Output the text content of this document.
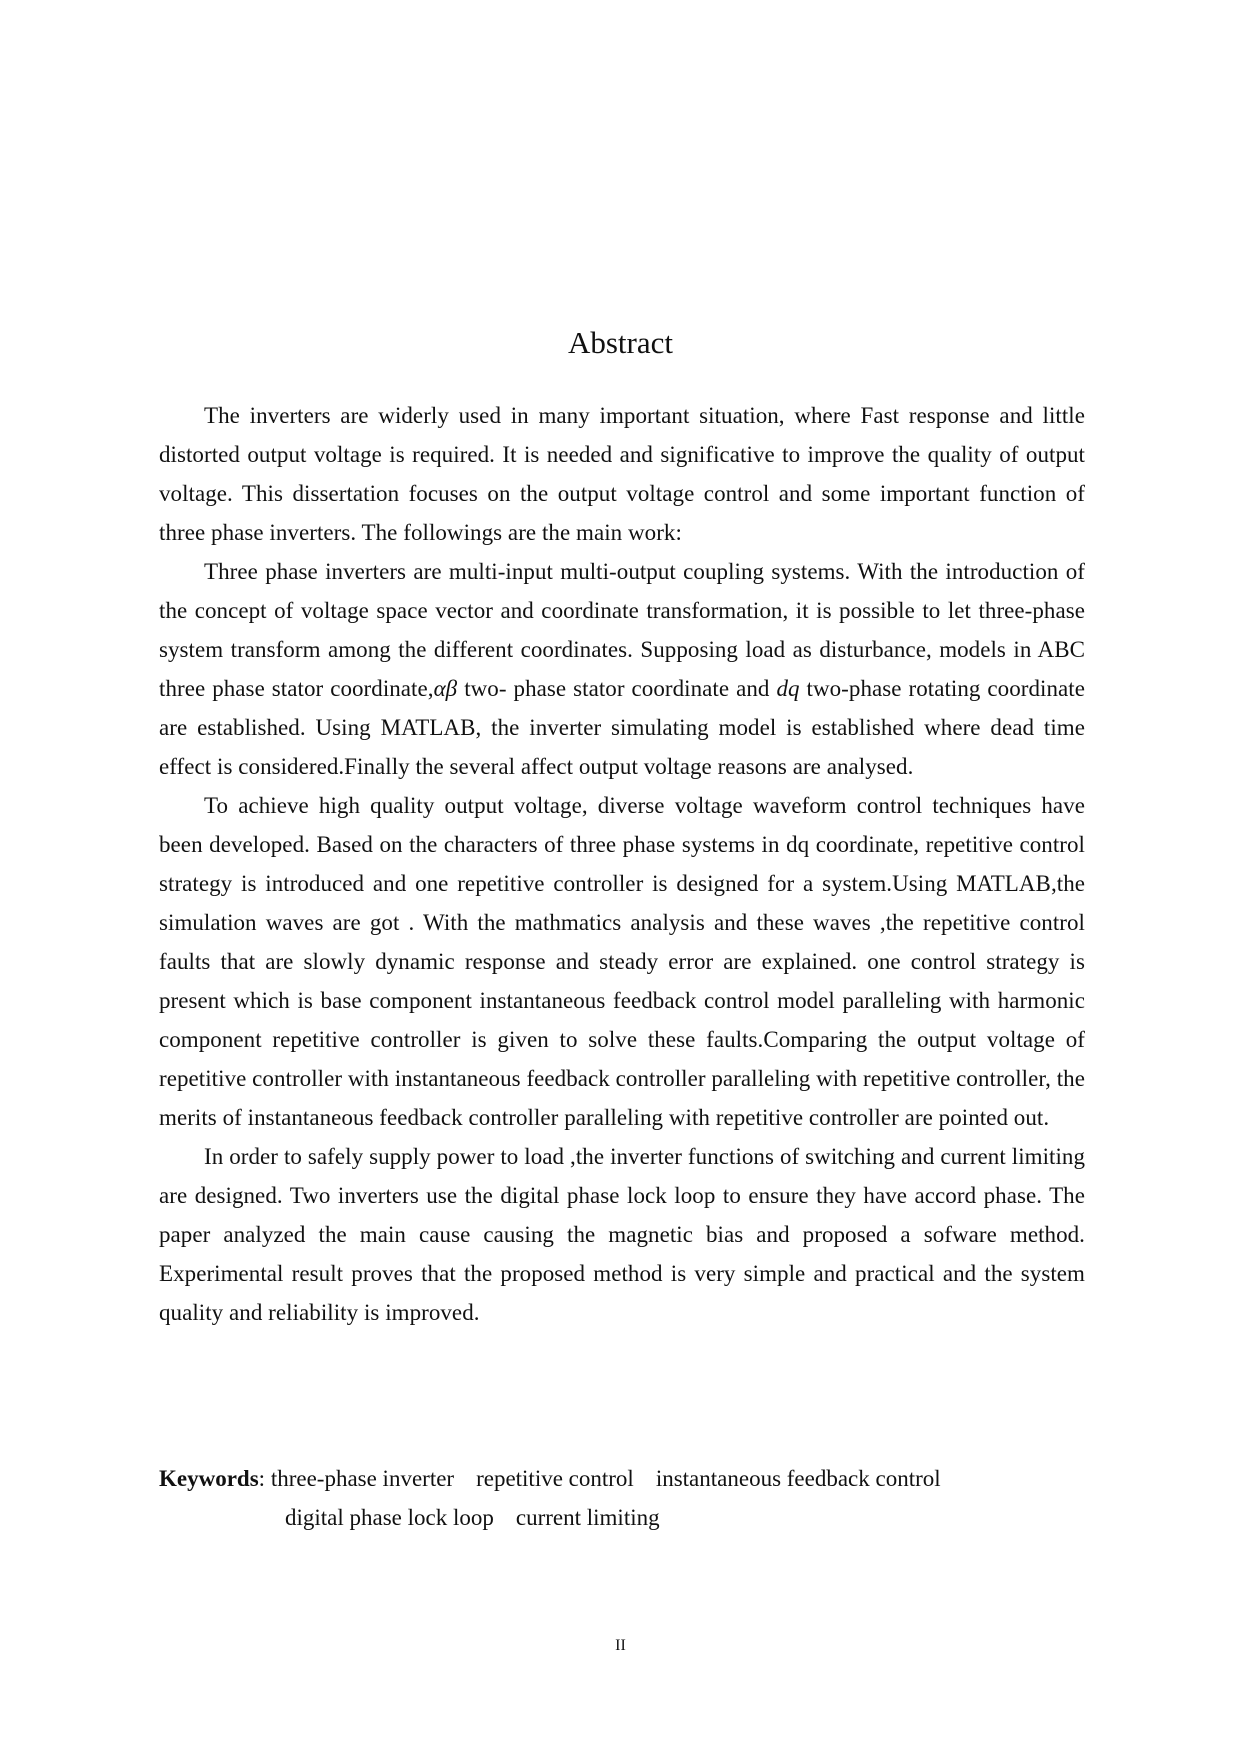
Abstract

The inverters are widerly used in many important situation, where Fast response and little distorted output voltage is required. It is needed and significative to improve the quality of output voltage. This dissertation focuses on the output voltage control and some important function of three phase inverters. The followings are the main work:

Three phase inverters are multi-input multi-output coupling systems. With the introduction of the concept of voltage space vector and coordinate transformation, it is possible to let three-phase system transform among the different coordinates. Supposing load as disturbance, models in ABC three phase stator coordinate,αβ two- phase stator coordinate and dq two-phase rotating coordinate are established. Using MATLAB, the inverter simulating model is established where dead time effect is considered.Finally the several affect output voltage reasons are analysed.

To achieve high quality output voltage, diverse voltage waveform control techniques have been developed. Based on the characters of three phase systems in dq coordinate, repetitive control strategy is introduced and one repetitive controller is designed for a system.Using MATLAB,the simulation waves are got . With the mathmatics analysis and these waves ,the repetitive control faults that are slowly dynamic response and steady error are explained. one control strategy is present which is base component instantaneous feedback control model paralleling with harmonic component repetitive controller is given to solve these faults.Comparing the output voltage of repetitive controller with instantaneous feedback controller paralleling with repetitive controller, the merits of instantaneous feedback controller paralleling with repetitive controller are pointed out.

In order to safely supply power to load ,the inverter functions of switching and current limiting are designed. Two inverters use the digital phase lock loop to ensure they have accord phase. The paper analyzed the main cause causing the magnetic bias and proposed a sofware method. Experimental result proves that the proposed method is very simple and practical and the system quality and reliability is improved.

Keywords: three-phase inverter repetitive control instantaneous feedback control
digital phase lock loop current limiting
II
